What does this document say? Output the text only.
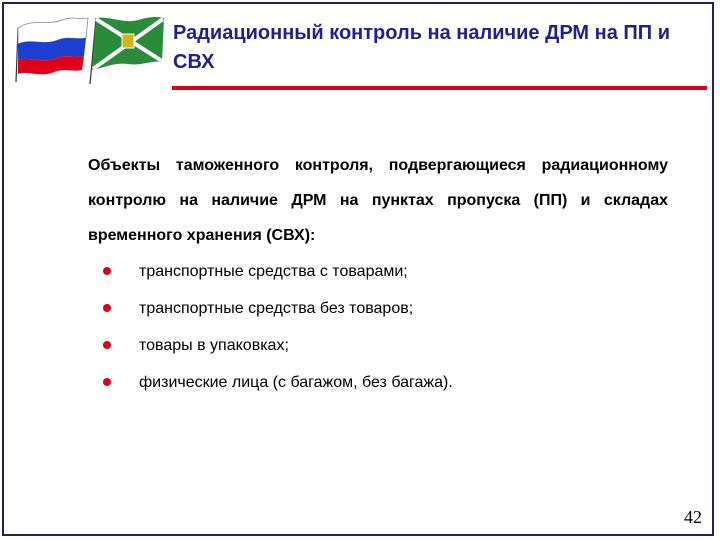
Радиационный контроль на наличие ДРМ на ПП и СВХ

Объекты таможенного контроля, подвергающиеся радиационному контролю на наличие ДРМ на пунктах пропуска (ПП) и складах временного хранения (СВХ):

транспортные средства с товарами;
транспортные средства без товаров;
товары в упаковках;
физические лица (с багажом, без багажа).
42
